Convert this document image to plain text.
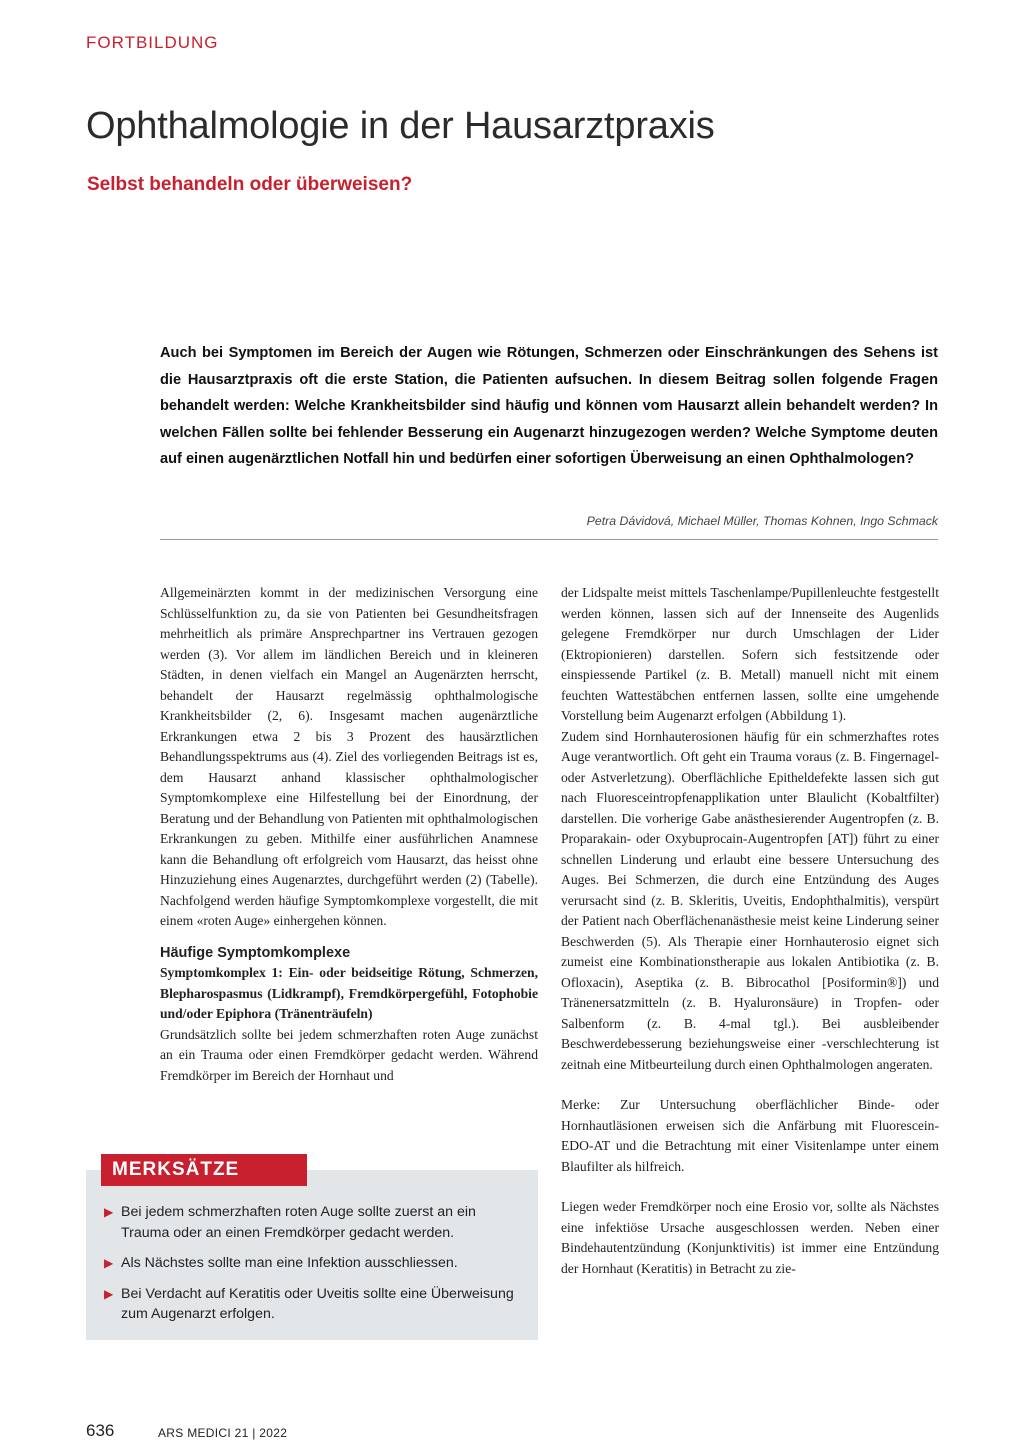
FORTBILDUNG
Ophthalmologie in der Hausarztpraxis
Selbst behandeln oder überweisen?

Auch bei Symptomen im Bereich der Augen wie Rötungen, Schmerzen oder Einschränkungen des Sehens ist die Hausarztpraxis oft die erste Station, die Patienten aufsuchen. In diesem Beitrag sollen folgende Fragen behandelt werden: Welche Krankheitsbilder sind häufig und können vom Hausarzt allein behandelt werden? In welchen Fällen sollte bei fehlender Besserung ein Augenarzt hinzugezogen werden? Welche Symptome deuten auf einen augenärztlichen Notfall hin und bedürfen einer sofortigen Überweisung an einen Ophthalmologen?

Petra Dávidová, Michael Müller, Thomas Kohnen, Ingo Schmack

Allgemeinärzten kommt in der medizinischen Versorgung eine Schlüsselfunktion zu, da sie von Patienten bei Gesundheitsfragen mehrheitlich als primäre Ansprechpartner ins Vertrauen gezogen werden (3). Vor allem im ländlichen Bereich und in kleineren Städten, in denen vielfach ein Mangel an Augenärzten herrscht, behandelt der Hausarzt regelmässig ophthalmologische Krankheitsbilder (2, 6). Insgesamt machen augenärztliche Erkrankungen etwa 2 bis 3 Prozent des hausärztlichen Behandlungsspektrums aus (4). Ziel des vorliegenden Beitrags ist es, dem Hausarzt anhand klassischer ophthalmologischer Symptomkomplexe eine Hilfestellung bei der Einordnung, der Beratung und der Behandlung von Patienten mit ophthalmologischen Erkrankungen zu geben. Mithilfe einer ausführlichen Anamnese kann die Behandlung oft erfolgreich vom Hausarzt, das heisst ohne Hinzuziehung eines Augenarztes, durchgeführt werden (2) (Tabelle). Nachfolgend werden häufige Symptomkomplexe vorgestellt, die mit einem «roten Auge» einhergehen können.

Häufige Symptomkomplexe

Symptomkomplex 1: Ein- oder beidseitige Rötung, Schmerzen, Blepharospasmus (Lidkrampf), Fremdkörpergefühl, Fotophobie und/oder Epiphora (Tränenträufeln)

Grundsätzlich sollte bei jedem schmerzhaften roten Auge zunächst an ein Trauma oder einen Fremdkörper gedacht werden. Während Fremdkörper im Bereich der Hornhaut und

der Lidspalte meist mittels Taschenlampe/Pupillenleuchte festgestellt werden können, lassen sich auf der Innenseite des Augenlids gelegene Fremdkörper nur durch Umschlagen der Lider (Ektropionieren) darstellen. Sofern sich festsitzende oder einspiessende Partikel (z. B. Metall) manuell nicht mit einem feuchten Wattestäbchen entfernen lassen, sollte eine umgehende Vorstellung beim Augenarzt erfolgen (Abbildung 1).

Zudem sind Hornhauterosionen häufig für ein schmerzhaftes rotes Auge verantwortlich. Oft geht ein Trauma voraus (z. B. Fingernagel- oder Astverletzung). Oberflächliche Epitheldefekte lassen sich gut nach Fluoresceintropfenapplikation unter Blaulicht (Kobaltfilter) darstellen. Die vorherige Gabe anästhesierender Augentropfen (z. B. Proparakain- oder Oxybuprocain-Augentropfen [AT]) führt zu einer schnellen Linderung und erlaubt eine bessere Untersuchung des Auges. Bei Schmerzen, die durch eine Entzündung des Auges verursacht sind (z. B. Skleritis, Uveitis, Endophthalmitis), verspürt der Patient nach Oberflächenanästhesie meist keine Linderung seiner Beschwerden (5). Als Therapie einer Hornhauterosio eignet sich zumeist eine Kombinationstherapie aus lokalen Antibiotika (z. B. Ofloxacin), Aseptika (z. B. Bibrocathol [Posiformin®]) und Tränenersatzmitteln (z. B. Hyaluronsäure) in Tropfen- oder Salbenform (z. B. 4-mal tgl.). Bei ausbleibender Beschwerdebesserung beziehungsweise einer -verschlechterung ist zeitnah eine Mitbeurteilung durch einen Ophthalmologen angeraten.

Merke: Zur Untersuchung oberflächlicher Binde- oder Hornhautläsionen erweisen sich die Anfärbung mit Fluorescein-EDO-AT und die Betrachtung mit einer Visitenlampe unter einem Blaufilter als hilfreich.

Liegen weder Fremdkörper noch eine Erosio vor, sollte als Nächstes eine infektiöse Ursache ausgeschlossen werden. Neben einer Bindehautentzündung (Konjunktivitis) ist immer eine Entzündung der Hornhaut (Keratitis) in Betracht zu zie-

MERKSÄTZE
▶ Bei jedem schmerzhaften roten Auge sollte zuerst an ein Trauma oder an einen Fremdkörper gedacht werden.
▶ Als Nächstes sollte man eine Infektion ausschliessen.
▶ Bei Verdacht auf Keratitis oder Uveitis sollte eine Überweisung zum Augenarzt erfolgen.
636	ARS MEDICI 21 | 2022
